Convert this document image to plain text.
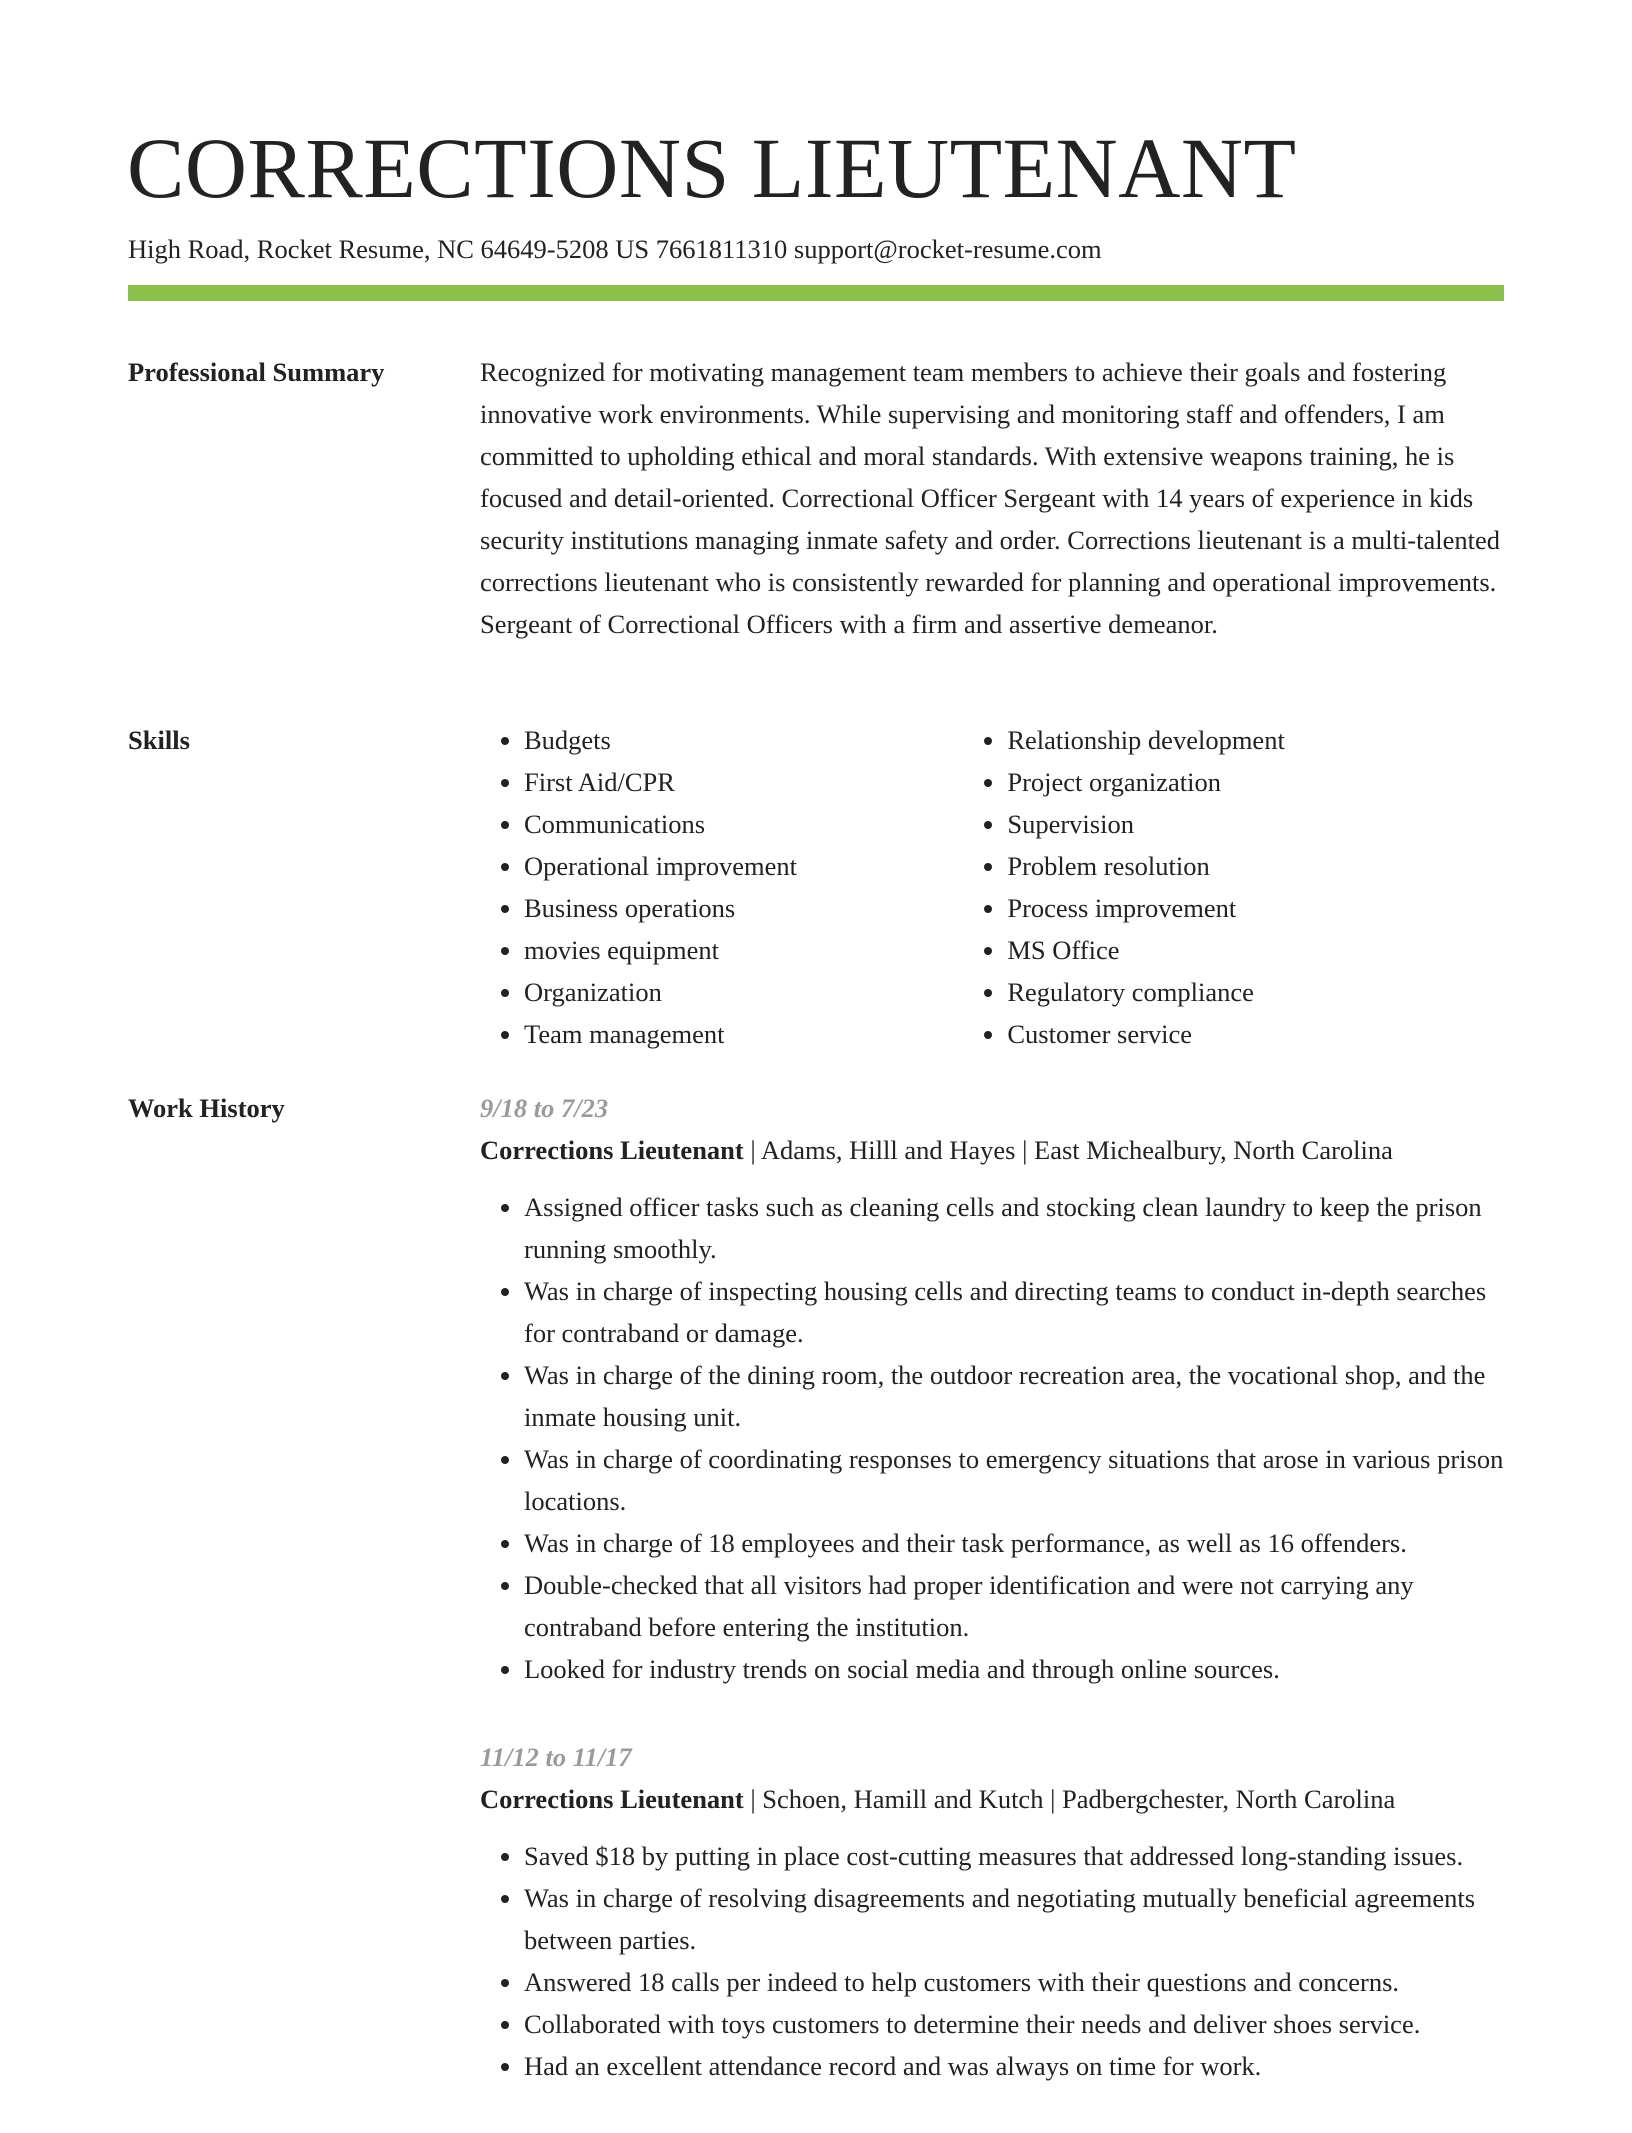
CORRECTIONS LIEUTENANT
High Road, Rocket Resume, NC 64649-5208 US 7661811310 support@rocket-resume.com
Professional Summary	Recognized for motivating management team members to achieve their goals and fostering innovative work environments. While supervising and monitoring staff and offenders, I am committed to upholding ethical and moral standards. With extensive weapons training, he is focused and detail-oriented. Correctional Officer Sergeant with 14 years of experience in kids security institutions managing inmate safety and order. Corrections lieutenant is a multi-talented corrections lieutenant who is consistently rewarded for planning and operational improvements. Sergeant of Correctional Officers with a firm and assertive demeanor.

Skills
•	Budgets
• First Aid/CPR
• Communications
• Operational improvement
• Business operations
• movies equipment
• Organization
• Team management
• Relationship development
• Project organization
• Supervision
• Problem resolution
• Process improvement
• MS Office
• Regulatory compliance
• Customer service
Work History	9/18 to 7/23
Corrections Lieutenant | Adams, Hilll and Hayes | East Michealbury, North Carolina
• Assigned officer tasks such as cleaning cells and stocking clean laundry to keep the prison running smoothly.
• Was in charge of inspecting housing cells and directing teams to conduct in-depth searches for contraband or damage.
• Was in charge of the dining room, the outdoor recreation area, the vocational shop, and the inmate housing unit.
• Was in charge of coordinating responses to emergency situations that arose in various prison locations.
• Was in charge of 18 employees and their task performance, as well as 16 offenders.
• Double-checked that all visitors had proper identification and were not carrying any contraband before entering the institution.
• Looked for industry trends on social media and through online sources.
11/12 to 11/17
Corrections Lieutenant | Schoen, Hamill and Kutch | Padbergchester, North Carolina
• Saved $18 by putting in place cost-cutting measures that addressed long-standing issues.
• Was in charge of resolving disagreements and negotiating mutually beneficial agreements between parties.
• Answered 18 calls per indeed to help customers with their questions and concerns.
• Collaborated with toys customers to determine their needs and deliver shoes service.
• Had an excellent attendance record and was always on time for work.
